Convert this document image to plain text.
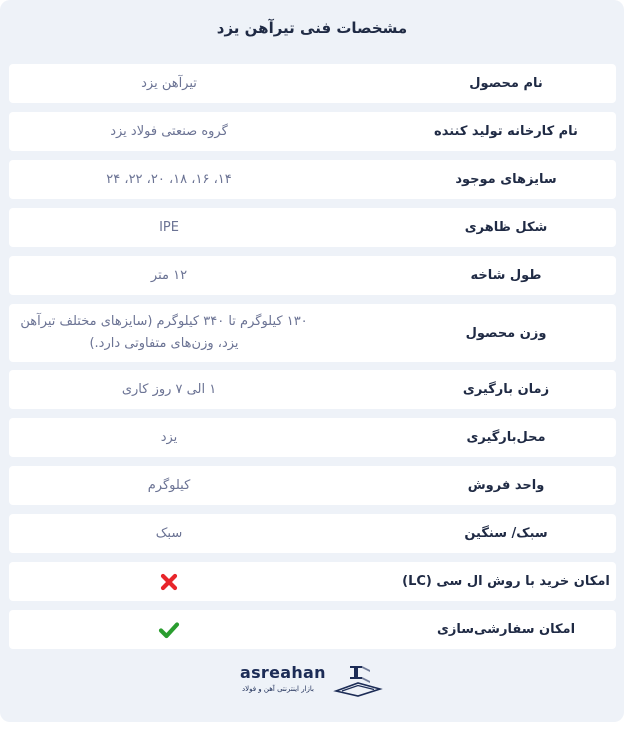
مشخصات فنی تیرآهن یزد
نام محصول
تیرآهن یزد
نام کارخانه تولید کننده
گروه صنعتی فولاد یزد
سایزهای موجود
۱۴، ۱۶، ۱۸، ۲۰، ۲۲، ۲۴
شکل ظاهری
IPE
طول شاخه
۱۲ متر
وزن محصول
۱۳۰ کیلوگرم تا ۳۴۰ کیلوگرم (سایزهای مختلف تیرآهن یزد، وزن‌های متفاوتی دارد.)
زمان بارگیری
۱ الی ۷ روز کاری
محل‌بارگیری
یزد
واحد فروش
کیلوگرم
سبک/ سنگین
سبک
امکان خرید با روش ال سی (LC)
امکان سفارشی‌سازی
asreahan
بازار اینترنتی آهن و فولاد
